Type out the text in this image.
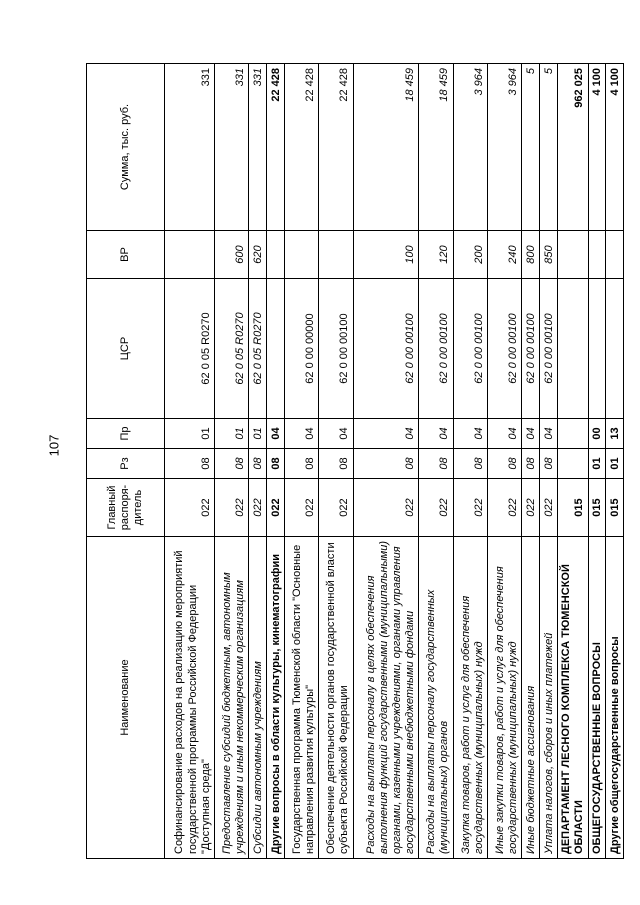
107
Наименование	Главный распоря-дитель	Рз	Пр	ЦСР	ВР	Сумма, тыс. руб.
Софинансирование расходов на реализацию мероприятий государственной программы Российской Федерации "Доступная среда"	022	08	01	62 0 05 R0270		331
Предоставление субсидий бюджетным, автономным учреждениям и иным некоммерческим организациям	022	08	01	62 0 05 R0270	600	331
Субсидии автономным учреждениям	022	08	01	62 0 05 R0270	620	331
Другие вопросы в области культуры, кинематографии	022	08	04			22 428
Государственная программа Тюменской области "Основные направления развития культуры"	022	08	04	62 0 00 00000		22 428
Обеспечение деятельности органов государственной власти субъекта Российской Федерации	022	08	04	62 0 00 00100		22 428
Расходы на выплаты персоналу в целях обеспечения выполнения функций государственными (муниципальными) органами, казенными учреждениями, органами управления государственными внебюджетными фондами	022	08	04	62 0 00 00100	100	18 459
Расходы на выплаты персоналу государственных (муниципальных) органов	022	08	04	62 0 00 00100	120	18 459
Закупка товаров, работ и услуг для обеспечения государственных (муниципальных) нужд	022	08	04	62 0 00 00100	200	3 964
Иные закупки товаров, работ и услуг для обеспечения государственных (муниципальных) нужд	022	08	04	62 0 00 00100	240	3 964
Иные бюджетные ассигнования	022	08	04	62 0 00 00100	800	5
Уплата налогов, сборов и иных платежей	022	08	04	62 0 00 00100	850	5
ДЕПАРТАМЕНТ ЛЕСНОГО КОМПЛЕКСА ТЮМЕНСКОЙ ОБЛАСТИ	015					962 025
ОБЩЕГОСУДАРСТВЕННЫЕ ВОПРОСЫ	015	01	00			4 100
Другие общегосударственные вопросы	015	01	13			4 100
